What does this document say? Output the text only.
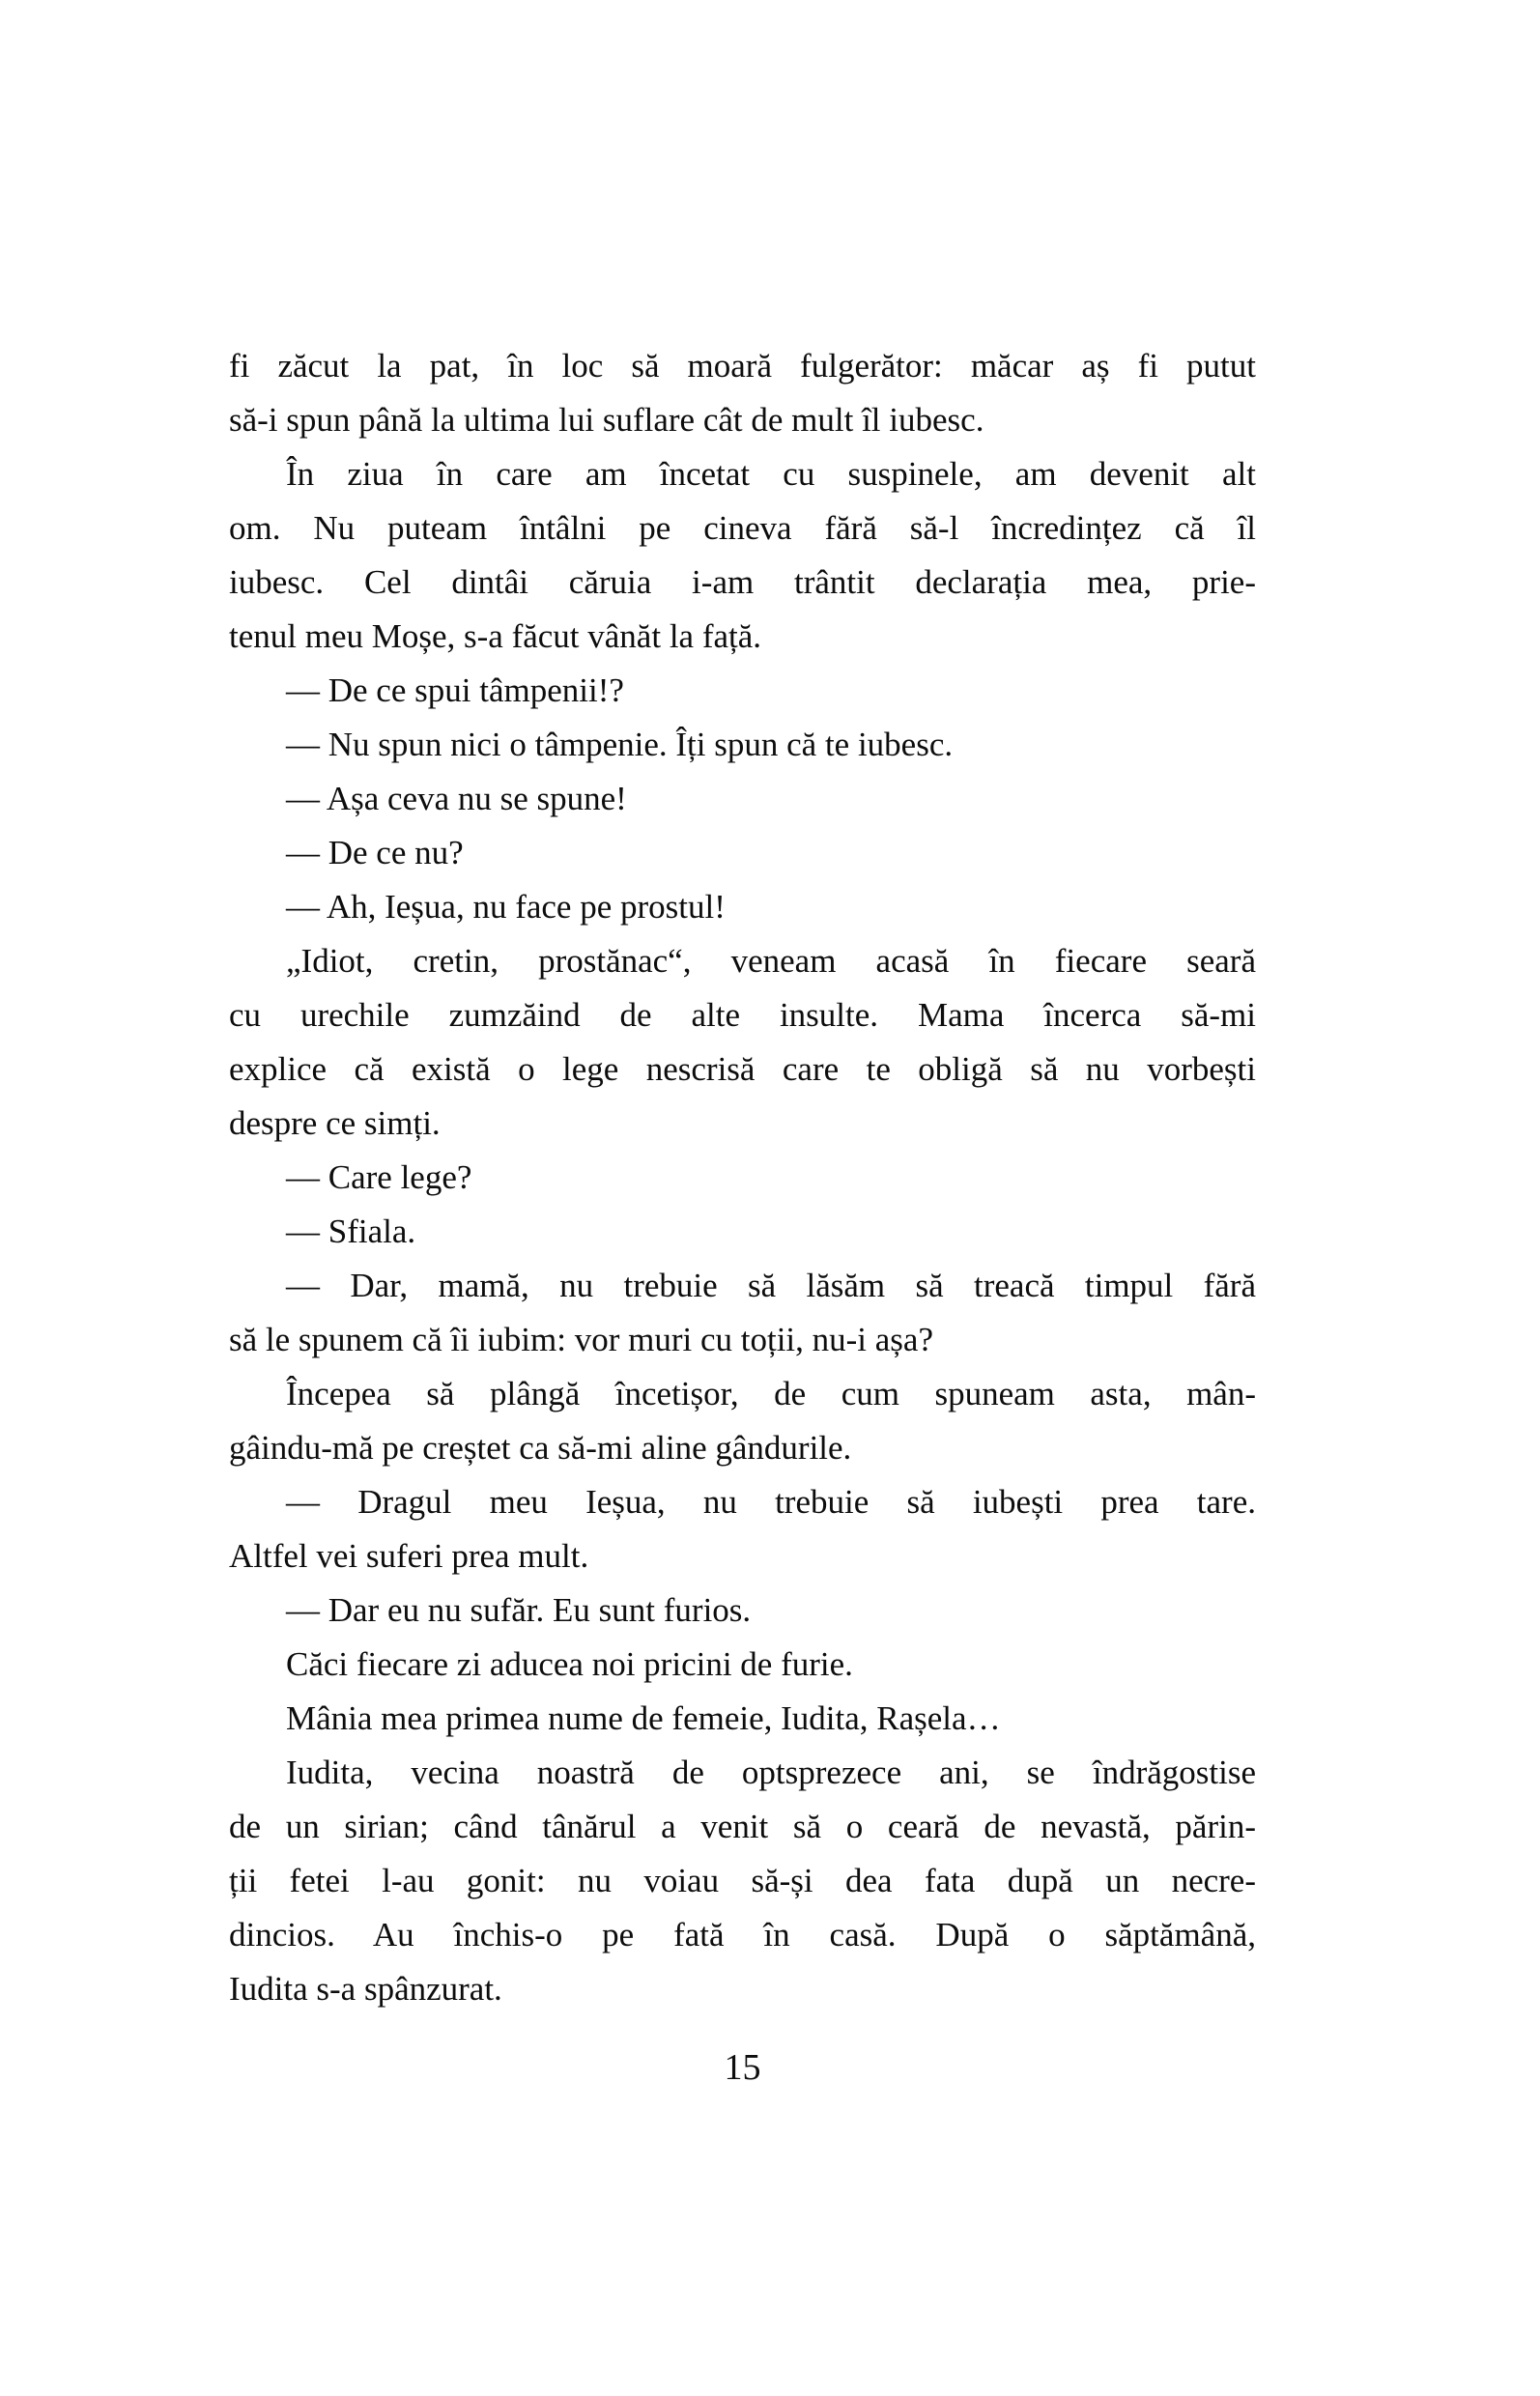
fi zăcut la pat, în loc să moară fulgerător: măcar aș fi putut
să-i spun până la ultima lui suflare cât de mult îl iubesc.
În ziua în care am încetat cu suspinele, am devenit alt
om. Nu puteam întâlni pe cineva fără să-l încredințez că îl
iubesc. Cel dintâi căruia i-am trântit declarația mea, prie-
tenul meu Moșe, s-a făcut vânăt la față.
— De ce spui tâmpenii!?
— Nu spun nici o tâmpenie. Îți spun că te iubesc.
— Așa ceva nu se spune!
— De ce nu?
— Ah, Ieșua, nu face pe prostul!
„Idiot, cretin, prostănac“, veneam acasă în fiecare seară
cu urechile zumzăind de alte insulte. Mama încerca să-mi
explice că există o lege nescrisă care te obligă să nu vorbești
despre ce simți.
— Care lege?
— Sfiala.
— Dar, mamă, nu trebuie să lăsăm să treacă timpul fără
să le spunem că îi iubim: vor muri cu toții, nu-i așa?
Începea să plângă încetișor, de cum spuneam asta, mân-
gâindu-mă pe creștet ca să-mi aline gândurile.
— Dragul meu Ieșua, nu trebuie să iubești prea tare.
Altfel vei suferi prea mult.
— Dar eu nu sufăr. Eu sunt furios.
Căci fiecare zi aducea noi pricini de furie.
Mânia mea primea nume de femeie, Iudita, Rașela…
Iudita, vecina noastră de optsprezece ani, se îndrăgostise
de un sirian; când tânărul a venit să o ceară de nevastă, părin-
ții fetei l-au gonit: nu voiau să-și dea fata după un necre-
dincios. Au închis-o pe fată în casă. După o săptămână,
Iudita s-a spânzurat.
15
